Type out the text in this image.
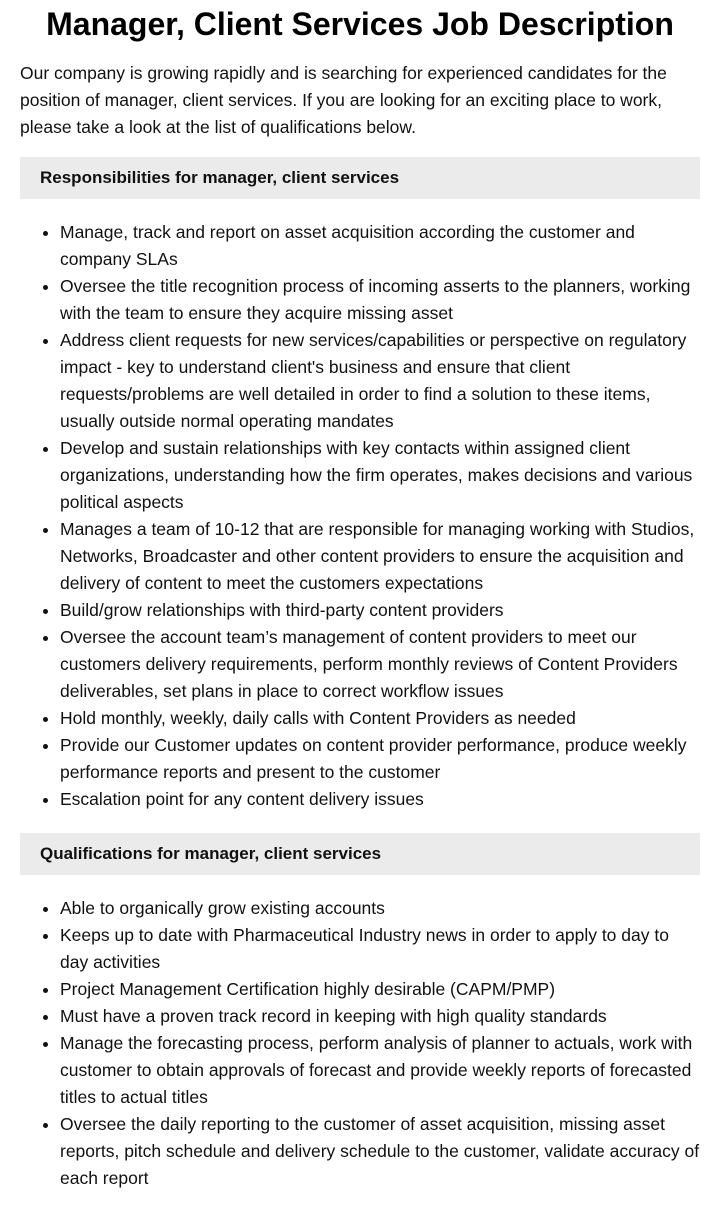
Manager, Client Services Job Description

Our company is growing rapidly and is searching for experienced candidates for the position of manager, client services. If you are looking for an exciting place to work, please take a look at the list of qualifications below.

Responsibilities for manager, client services
• Manage, track and report on asset acquisition according the customer and company SLAs
• Oversee the title recognition process of incoming asserts to the planners, working with the team to ensure they acquire missing asset
• Address client requests for new services/capabilities or perspective on regulatory impact - key to understand client's business and ensure that client requests/problems are well detailed in order to find a solution to these items, usually outside normal operating mandates
• Develop and sustain relationships with key contacts within assigned client organizations, understanding how the firm operates, makes decisions and various political aspects
• Manages a team of 10-12 that are responsible for managing working with Studios, Networks, Broadcaster and other content providers to ensure the acquisition and delivery of content to meet the customers expectations
• Build/grow relationships with third-party content providers
• Oversee the account team’s management of content providers to meet our customers delivery requirements, perform monthly reviews of Content Providers deliverables, set plans in place to correct workflow issues
• Hold monthly, weekly, daily calls with Content Providers as needed
• Provide our Customer updates on content provider performance, produce weekly performance reports and present to the customer
• Escalation point for any content delivery issues
Qualifications for manager, client services
• Able to organically grow existing accounts
• Keeps up to date with Pharmaceutical Industry news in order to apply to day to day activities
• Project Management Certification highly desirable (CAPM/PMP)
• Must have a proven track record in keeping with high quality standards
• Manage the forecasting process, perform analysis of planner to actuals, work with customer to obtain approvals of forecast and provide weekly reports of forecasted titles to actual titles
• Oversee the daily reporting to the customer of asset acquisition, missing asset reports, pitch schedule and delivery schedule to the customer, validate accuracy of each report
